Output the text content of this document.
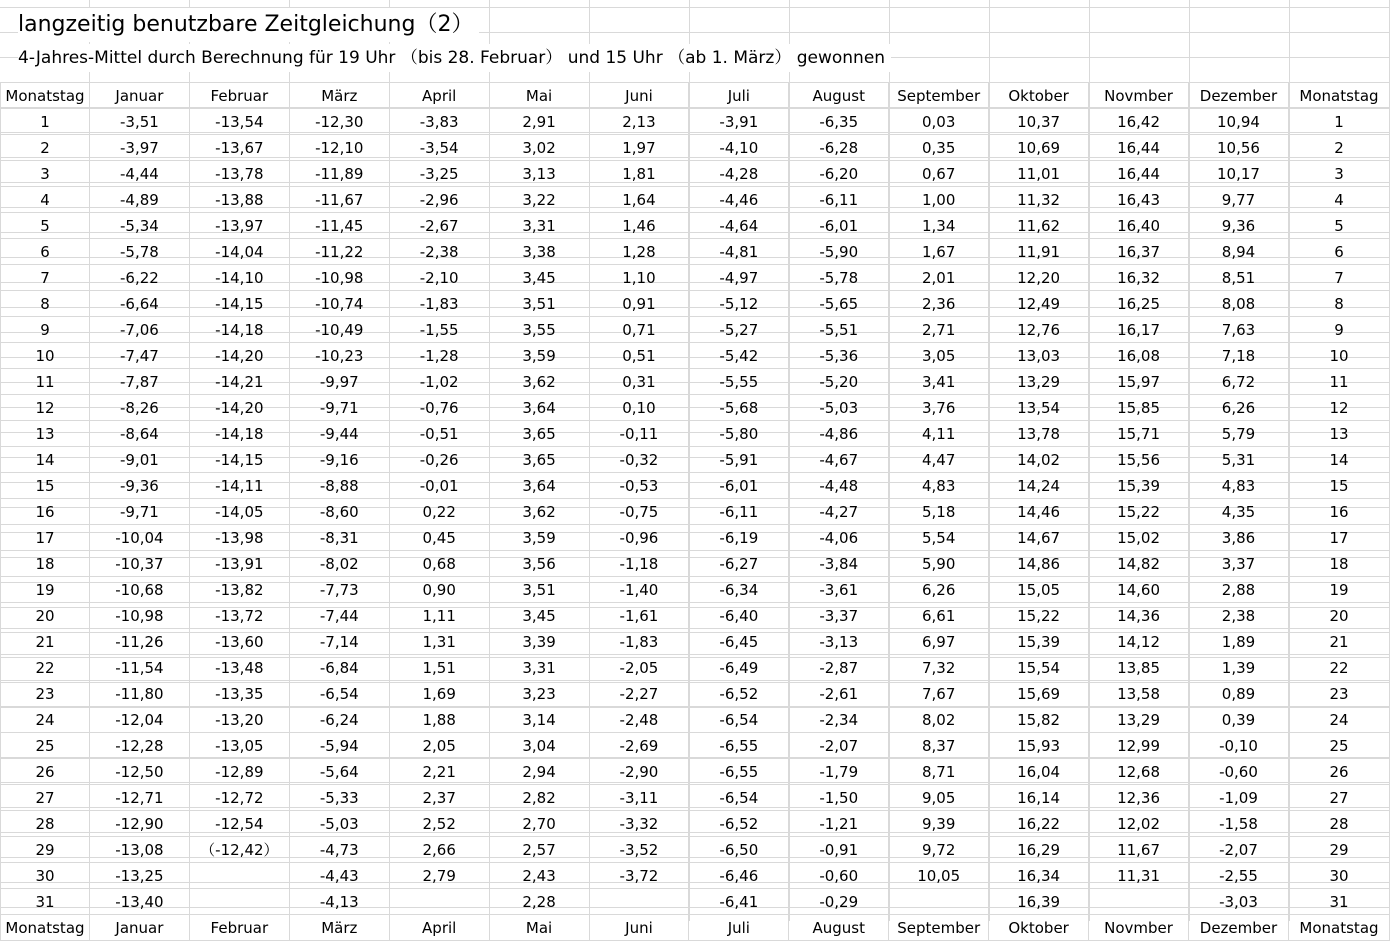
langzeitig benutzbare Zeitgleichung（2）
4-Jahres-Mittel durch Berechnung für 19 Uhr （bis 28. Februar） und 15 Uhr （ab 1. März） gewonnen
Monatstag	Januar	Februar	März	April	Mai	Juni	Juli	August	September	Oktober	Novmber	Dezember	Monatstag
1	-3,51	-13,54	-12,30	-3,83	2,91	2,13	-3,91	-6,35	0,03	10,37	16,42	10,94	1
2	-3,97	-13,67	-12,10	-3,54	3,02	1,97	-4,10	-6,28	0,35	10,69	16,44	10,56	2
3	-4,44	-13,78	-11,89	-3,25	3,13	1,81	-4,28	-6,20	0,67	11,01	16,44	10,17	3
4	-4,89	-13,88	-11,67	-2,96	3,22	1,64	-4,46	-6,11	1,00	11,32	16,43	9,77	4
5	-5,34	-13,97	-11,45	-2,67	3,31	1,46	-4,64	-6,01	1,34	11,62	16,40	9,36	5
6	-5,78	-14,04	-11,22	-2,38	3,38	1,28	-4,81	-5,90	1,67	11,91	16,37	8,94	6
7	-6,22	-14,10	-10,98	-2,10	3,45	1,10	-4,97	-5,78	2,01	12,20	16,32	8,51	7
8	-6,64	-14,15	-10,74	-1,83	3,51	0,91	-5,12	-5,65	2,36	12,49	16,25	8,08	8
9	-7,06	-14,18	-10,49	-1,55	3,55	0,71	-5,27	-5,51	2,71	12,76	16,17	7,63	9
10	-7,47	-14,20	-10,23	-1,28	3,59	0,51	-5,42	-5,36	3,05	13,03	16,08	7,18	10
11	-7,87	-14,21	-9,97	-1,02	3,62	0,31	-5,55	-5,20	3,41	13,29	15,97	6,72	11
12	-8,26	-14,20	-9,71	-0,76	3,64	0,10	-5,68	-5,03	3,76	13,54	15,85	6,26	12
13	-8,64	-14,18	-9,44	-0,51	3,65	-0,11	-5,80	-4,86	4,11	13,78	15,71	5,79	13
14	-9,01	-14,15	-9,16	-0,26	3,65	-0,32	-5,91	-4,67	4,47	14,02	15,56	5,31	14
15	-9,36	-14,11	-8,88	-0,01	3,64	-0,53	-6,01	-4,48	4,83	14,24	15,39	4,83	15
16	-9,71	-14,05	-8,60	0,22	3,62	-0,75	-6,11	-4,27	5,18	14,46	15,22	4,35	16
17	-10,04	-13,98	-8,31	0,45	3,59	-0,96	-6,19	-4,06	5,54	14,67	15,02	3,86	17
18	-10,37	-13,91	-8,02	0,68	3,56	-1,18	-6,27	-3,84	5,90	14,86	14,82	3,37	18
19	-10,68	-13,82	-7,73	0,90	3,51	-1,40	-6,34	-3,61	6,26	15,05	14,60	2,88	19
20	-10,98	-13,72	-7,44	1,11	3,45	-1,61	-6,40	-3,37	6,61	15,22	14,36	2,38	20
21	-11,26	-13,60	-7,14	1,31	3,39	-1,83	-6,45	-3,13	6,97	15,39	14,12	1,89	21
22	-11,54	-13,48	-6,84	1,51	3,31	-2,05	-6,49	-2,87	7,32	15,54	13,85	1,39	22
23	-11,80	-13,35	-6,54	1,69	3,23	-2,27	-6,52	-2,61	7,67	15,69	13,58	0,89	23
24	-12,04	-13,20	-6,24	1,88	3,14	-2,48	-6,54	-2,34	8,02	15,82	13,29	0,39	24
25	-12,28	-13,05	-5,94	2,05	3,04	-2,69	-6,55	-2,07	8,37	15,93	12,99	-0,10	25
26	-12,50	-12,89	-5,64	2,21	2,94	-2,90	-6,55	-1,79	8,71	16,04	12,68	-0,60	26
27	-12,71	-12,72	-5,33	2,37	2,82	-3,11	-6,54	-1,50	9,05	16,14	12,36	-1,09	27
28	-12,90	-12,54	-5,03	2,52	2,70	-3,32	-6,52	-1,21	9,39	16,22	12,02	-1,58	28
29	-13,08	（-12,42）	-4,73	2,66	2,57	-3,52	-6,50	-0,91	9,72	16,29	11,67	-2,07	29
30	-13,25		-4,43	2,79	2,43	-3,72	-6,46	-0,60	10,05	16,34	11,31	-2,55	30
31	-13,40		-4,13		2,28		-6,41	-0,29		16,39		-3,03	31
Monatstag	Januar	Februar	März	April	Mai	Juni	Juli	August	September	Oktober	Novmber	Dezember	Monatstag
